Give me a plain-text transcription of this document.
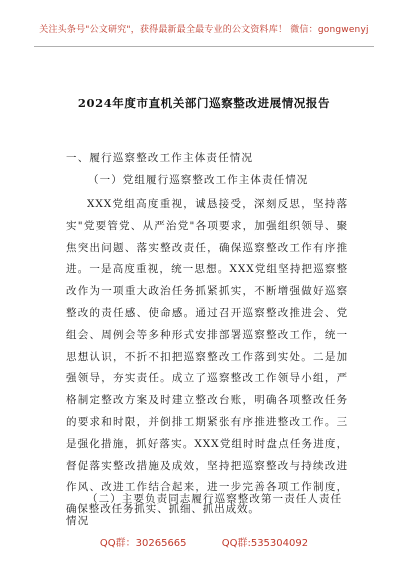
关注头条号"公文研究"，获得最新最全最专业的公文资料库！ 微信：gongwenyj
2024年度市直机关部门巡察整改进展情况报告
一、履行巡察整改工作主体责任情况
（一）党组履行巡察整改工作主体责任情况

XXX党组高度重视，诚恳接受，深刻反思，坚持落实"党要管党、从严治党"各项要求，加强组织领导、聚焦突出问题、落实整改责任，确保巡察整改工作有序推进。一是高度重视，统一思想。XXX党组坚持把巡察整改作为一项重大政治任务抓紧抓实，不断增强做好巡察整改的责任感、使命感。通过召开巡察整改推进会、党组会、周例会等多种形式安排部署巡察整改工作，统一思想认识，不折不扣把巡察整改工作落到实处。二是加强领导，夯实责任。成立了巡察整改工作领导小组，严格制定整改方案及时建立整改台账，明确各项整改任务的要求和时限，并倒排工期紧张有序推进整改工作。三是强化措施，抓好落实。XXX党组时时盘点任务进度，督促落实整改措施及成效，坚持把巡察整改与持续改进作风、改进工作结合起来，进一步完善各项工作制度，确保整改任务抓实、抓细、抓出成效。

（二）主要负责同志履行巡察整改第一责任人责任情况
QQ群：30265665	QQ群:535304092
